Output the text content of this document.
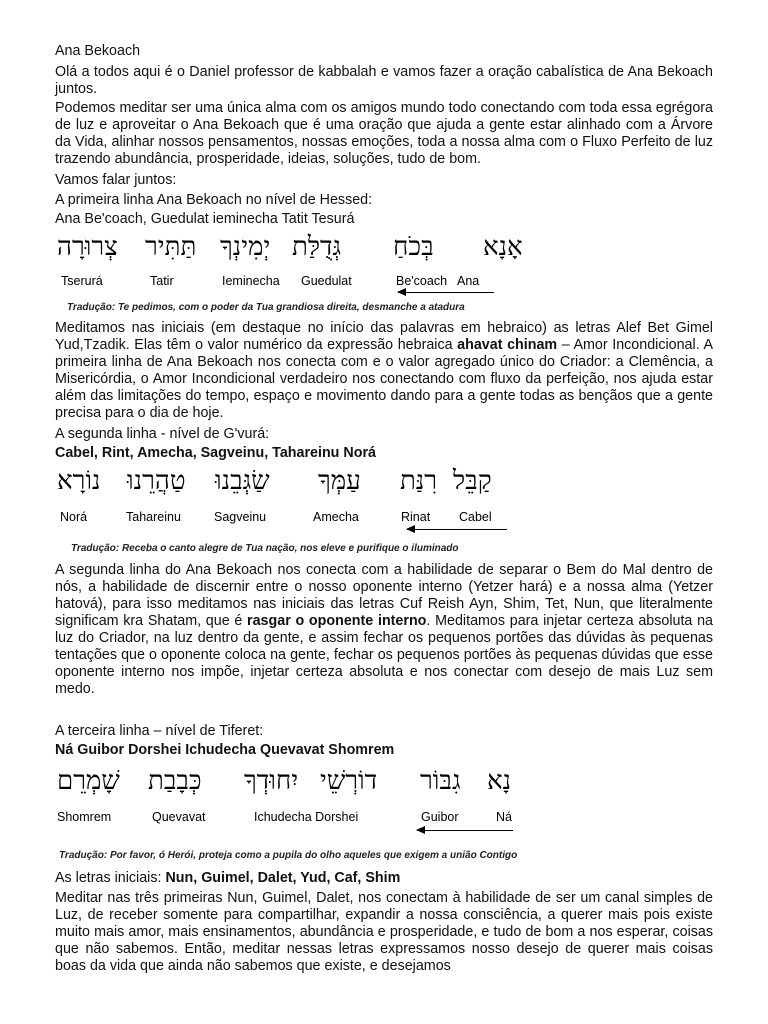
Ana Bekoach

Olá a todos aqui é o Daniel professor de kabbalah e vamos fazer a oração cabalística de Ana Bekoach juntos.

Podemos meditar ser uma única alma com os amigos mundo todo conectando com toda essa egrégora de luz e aproveitar o Ana Bekoach que é uma oração que ajuda a gente estar alinhado com a Árvore da Vida, alinhar nossos pensamentos, nossas emoções, toda a nossa alma com o Fluxo Perfeito de luz trazendo abundância, prosperidade, ideias, soluções, tudo de bom.

Vamos falar juntos:
A primeira linha Ana Bekoach no nível de Hessed:
Ana Be'coach, Guedulat ieminecha Tatit Tesurá
אָנָא
בְּכֹחַ
גְּדֻלַּת
יְמִינְךָ
תַּתִּיר
צְרוּרָה
Ana
Be'coach
Guedulat
Ieminecha
Tatir
Tserurá
Tradução: Te pedimos, com o poder da Tua grandiosa direita, desmanche a atadura

Meditamos nas iniciais (em destaque no início das palavras em hebraico) as letras Alef Bet Gimel Yud,Tzadik. Elas têm o valor numérico da expressão hebraica ahavat chinam – Amor Incondicional. A primeira linha de Ana Bekoach nos conecta com e o valor agregado único do Criador: a Clemência, a Misericórdia, o Amor Incondicional verdadeiro nos conectando com fluxo da perfeição, nos ajuda estar além das limitações do tempo, espaço e movimento dando para a gente todas as bençãos que a gente precisa para o dia de hoje.

A segunda linha - nível de G'vurá:
Cabel, Rint, Amecha, Sagveinu, Tahareinu Norá
קַבֵּל
רִנַּת
עַמְּךָ
שַׂגְּבֵנוּ
טַהֲרֵנוּ
נוֹרָא
Cabel
Rinat
Amecha
Sagveinu
Tahareinu
Norá
Tradução: Receba o canto alegre de Tua nação, nos eleve e purifique o iluminado

A segunda linha do Ana Bekoach nos conecta com a habilidade de separar o Bem do Mal dentro de nós, a habilidade de discernir entre o nosso oponente interno (Yetzer hará) e a nossa alma (Yetzer hatová), para isso meditamos nas iniciais das letras Cuf Reish Ayn, Shim, Tet, Nun, que literalmente significam kra Shatam, que é rasgar o oponente interno. Meditamos para injetar certeza absoluta na luz do Criador, na luz dentro da gente, e assim fechar os pequenos portões das dúvidas às pequenas tentações que o oponente coloca na gente, fechar os pequenos portões às pequenas dúvidas que esse oponente interno nos impõe, injetar certeza absoluta e nos conectar com desejo de mais Luz sem medo.

A terceira linha – nível de Tiferet:
Ná Guibor Dorshei Ichudecha Quevavat Shomrem
נָא
גִבּוֹר
דוֹרְשֵׁי
יִחוּדְךָ
כְּבָבַת
שָׁמְרֵם
Ná
Guibor
Ichudecha Dorshei
Quevavat
Shomrem
Tradução: Por favor, ó Herói, proteja como a pupila do olho aqueles que exigem a união Contigo
As letras iniciais: Nun, Guimel, Dalet, Yud, Caf, Shim

Meditar nas três primeiras Nun, Guimel, Dalet, nos conectam à habilidade de ser um canal simples de Luz, de receber somente para compartilhar, expandir a nossa consciência, a querer mais pois existe muito mais amor, mais ensinamentos, abundância e prosperidade, e tudo de bom a nos esperar, coisas que não sabemos. Então, meditar nessas letras expressamos nosso desejo de querer mais coisas boas da vida que ainda não sabemos que existe, e desejamos
